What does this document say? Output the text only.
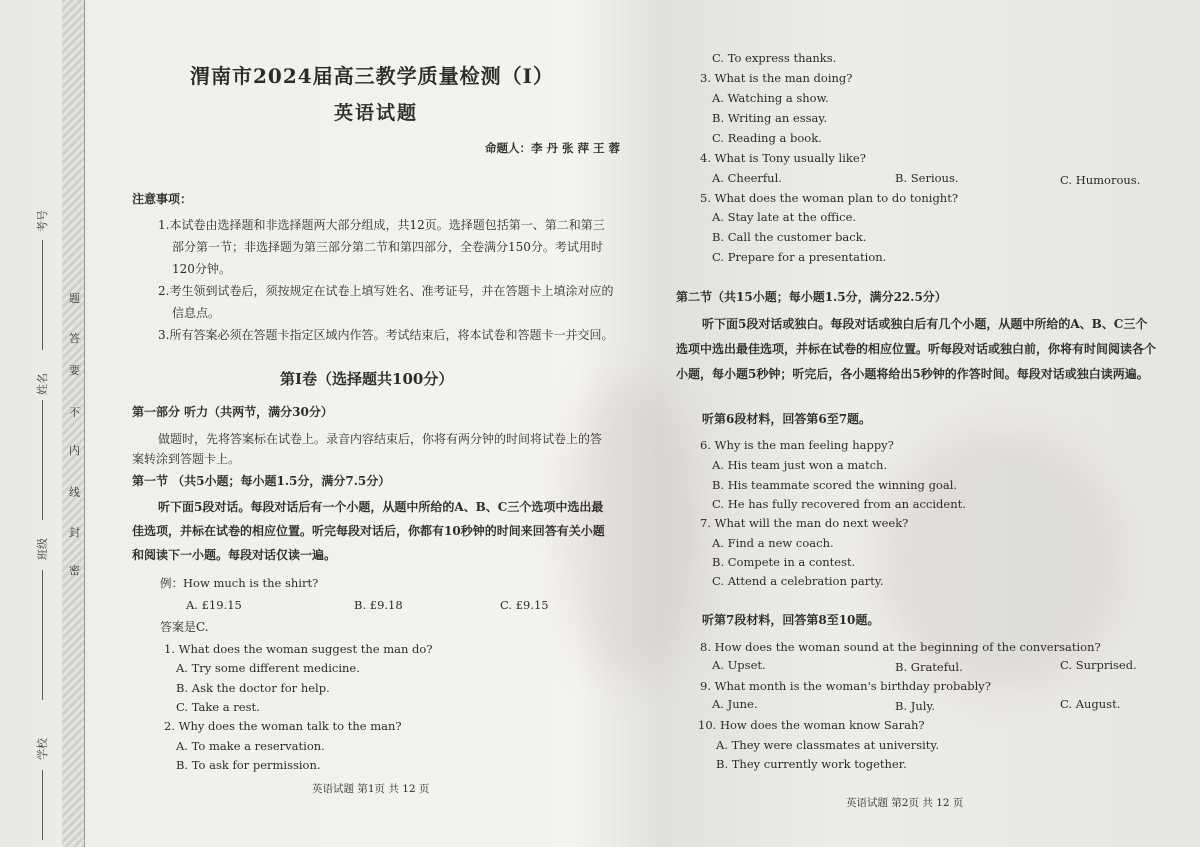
考号
姓名
班级
学校
题
答
要
不
内
线
封
密
渭南市2024届高三教学质量检测（Ⅰ）
英语试题
命题人：李 丹 张 萍 王 蓉
注意事项：
1.本试卷由选择题和非选择题两大部分组成，共12页。选择题包括第一、第二和第三
部分第一节；非选择题为第三部分第二节和第四部分，全卷满分150分。考试用时
120分钟。
2.考生领到试卷后，须按规定在试卷上填写姓名、准考证号，并在答题卡上填涂对应的
信息点。
3.所有答案必须在答题卡指定区域内作答。考试结束后，将本试卷和答题卡一并交回。
第Ⅰ卷（选择题共100分）
第一部分 听力（共两节，满分30分）
做题时，先将答案标在试卷上。录音内容结束后，你将有两分钟的时间将试卷上的答
案转涂到答题卡上。
第一节 （共5小题；每小题1.5分，满分7.5分）
听下面5段对话。每段对话后有一个小题，从题中所给的A、B、C三个选项中选出最
佳选项，并标在试卷的相应位置。听完每段对话后，你都有10秒钟的时间来回答有关小题
和阅读下一小题。每段对话仅读一遍。
例：How much is the shirt?
A. £19.15	B. £9.18	C. £9.15
答案是C.
1. What does the woman suggest the man do?
A. Try some different medicine.
B. Ask the doctor for help.
C. Take a rest.
2. Why does the woman talk to the man?
A. To make a reservation.
B. To ask for permission.
英语试题 第1页 共 12 页
C. To express thanks.
3. What is the man doing?
A. Watching a show.
B. Writing an essay.
C. Reading a book.
4. What is Tony usually like?
A. Cheerful.	B. Serious.	C. Humorous.
5. What does the woman plan to do tonight?
A. Stay late at the office.
B. Call the customer back.
C. Prepare for a presentation.
第二节（共15小题；每小题1.5分，满分22.5分）
听下面5段对话或独白。每段对话或独白后有几个小题，从题中所给的A、B、C三个
选项中选出最佳选项，并标在试卷的相应位置。听每段对话或独白前，你将有时间阅读各个
小题，每小题5秒钟；听完后，各小题将给出5秒钟的作答时间。每段对话或独白读两遍。
听第6段材料，回答第6至7题。
6. Why is the man feeling happy?
A. His team just won a match.
B. His teammate scored the winning goal.
C. He has fully recovered from an accident.
7. What will the man do next week?
A. Find a new coach.
B. Compete in a contest.
C. Attend a celebration party.
听第7段材料，回答第8至10题。
8. How does the woman sound at the beginning of the conversation?
A. Upset.	B. Grateful.	C. Surprised.
9. What month is the woman's birthday probably?
A. June.	B. July.	C. August.
10. How does the woman know Sarah?
A. They were classmates at university.
B. They currently work together.
英语试题 第2页 共 12 页
